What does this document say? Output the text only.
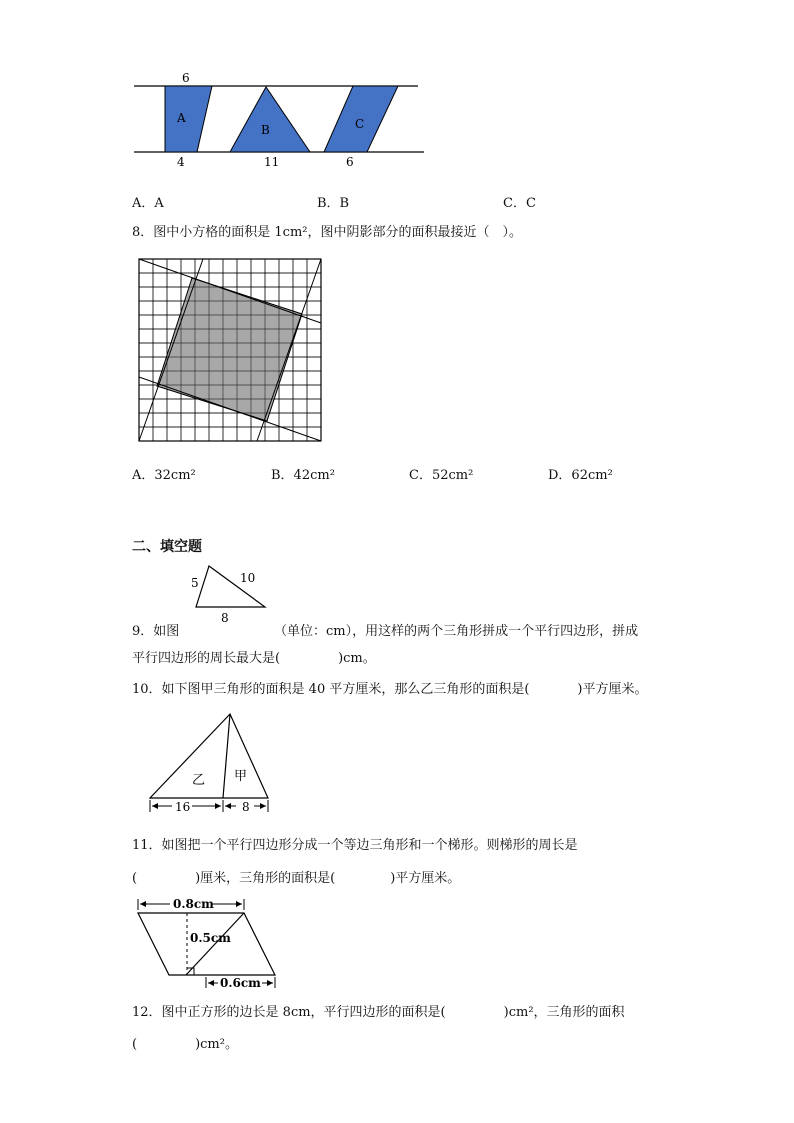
A
B	C
6
4	11	6
A．A	B．B	C．C
8．图中小方格的面积是 1cm²，图中阴影部分的面积最接近（　）。
A．32cm²	B．42cm²	C．52cm²	D．62cm²
二、填空题
5	10
8
9．如图	（单位：cm），用这样的两个三角形拼成一个平行四边形，拼成
平行四边形的周长最大是(	)cm。
10．如下图甲三角形的面积是 40 平方厘米，那么乙三角形的面积是(	)平方厘米。
乙 甲
16	8
11．如图把一个平行四边形分成一个等边三角形和一个梯形。则梯形的周长是
(	)厘米，三角形的面积是(	)平方厘米。
0.8cm
0.5cm
0.6cm
12．图中正方形的边长是 8cm，平行四边形的面积是(	)cm²，三角形的面积
(	)cm²。
